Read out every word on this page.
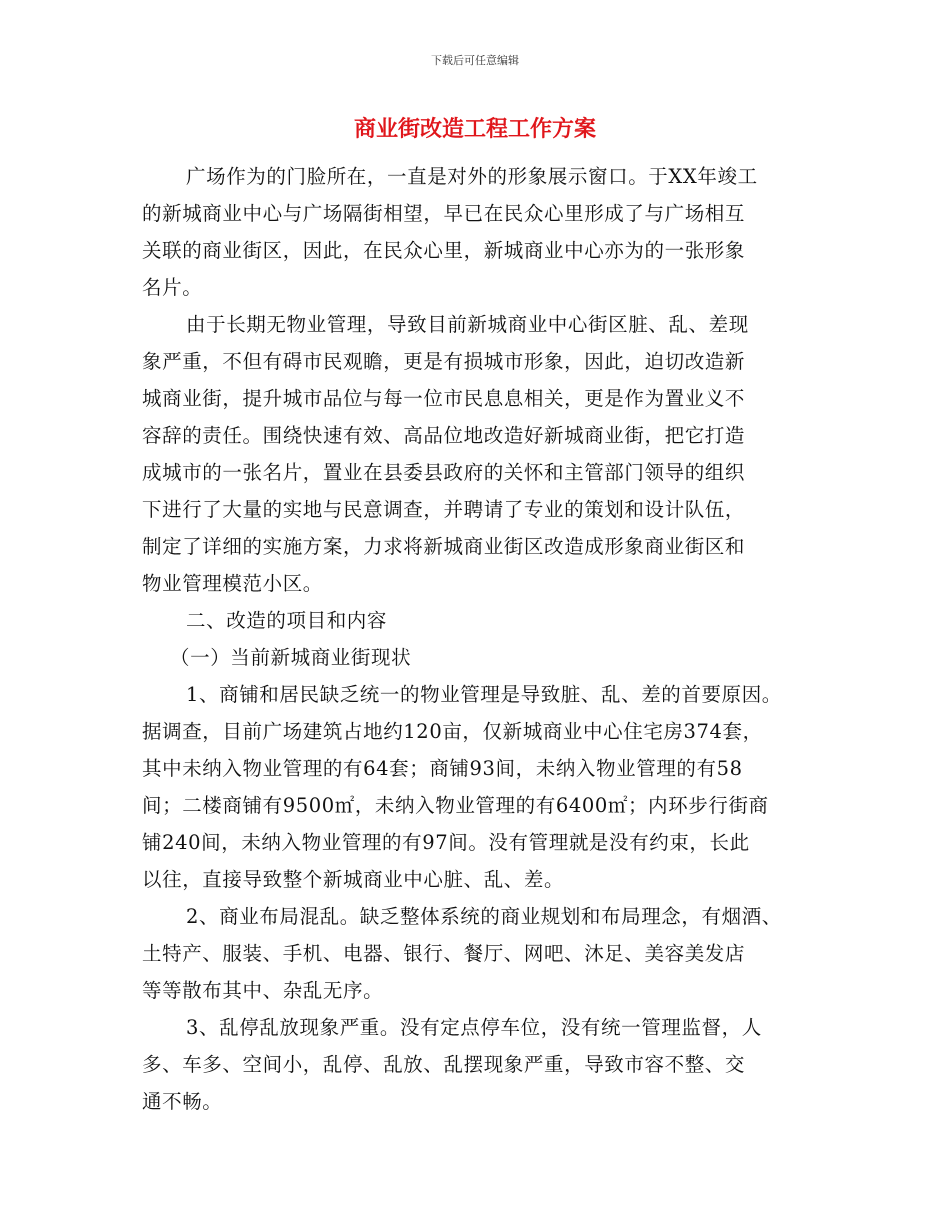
下载后可任意编辑
商业街改造工程工作方案
广场作为的门脸所在，一直是对外的形象展示窗口。于XX年竣工
的新城商业中心与广场隔街相望，早已在民众心里形成了与广场相互
关联的商业街区，因此，在民众心里，新城商业中心亦为的一张形象
名片。
由于长期无物业管理，导致目前新城商业中心街区脏、乱、差现
象严重，不但有碍市民观瞻，更是有损城市形象，因此，迫切改造新
城商业街，提升城市品位与每一位市民息息相关，更是作为置业义不
容辞的责任。围绕快速有效、高品位地改造好新城商业街，把它打造
成城市的一张名片，置业在县委县政府的关怀和主管部门领导的组织
下进行了大量的实地与民意调查，并聘请了专业的策划和设计队伍，
制定了详细的实施方案，力求将新城商业街区改造成形象商业街区和
物业管理模范小区。
二、改造的项目和内容
（一）当前新城商业街现状
1、商铺和居民缺乏统一的物业管理是导致脏、乱、差的首要原因。
据调查，目前广场建筑占地约120亩，仅新城商业中心住宅房374套，
其中未纳入物业管理的有64套；商铺93间，未纳入物业管理的有58
间；二楼商铺有9500㎡，未纳入物业管理的有6400㎡；内环步行街商
铺240间，未纳入物业管理的有97间。没有管理就是没有约束，长此
以往，直接导致整个新城商业中心脏、乱、差。
2、商业布局混乱。缺乏整体系统的商业规划和布局理念，有烟酒、
土特产、服装、手机、电器、银行、餐厅、网吧、沐足、美容美发店
等等散布其中、杂乱无序。
3、乱停乱放现象严重。没有定点停车位，没有统一管理监督，人
多、车多、空间小，乱停、乱放、乱摆现象严重，导致市容不整、交
通不畅。
